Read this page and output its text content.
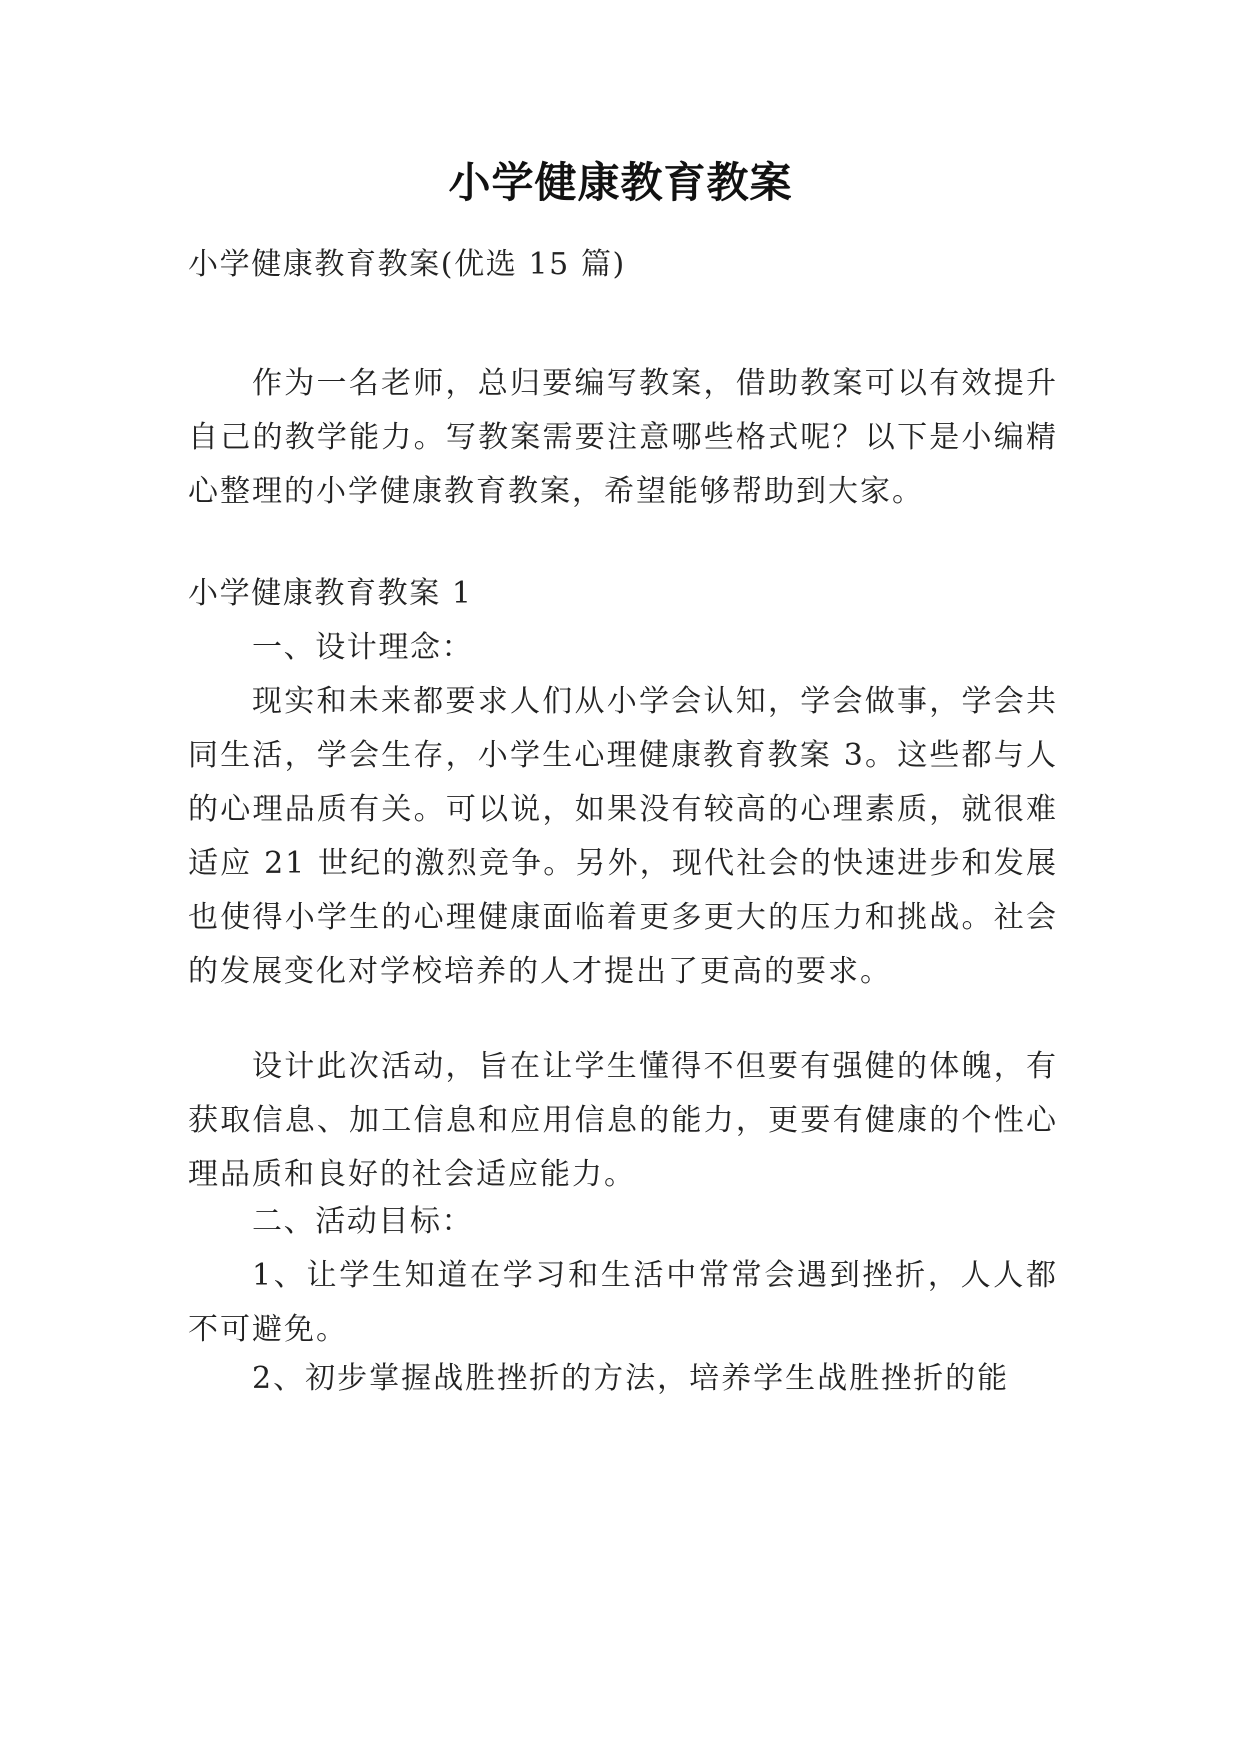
小学健康教育教案
小学健康教育教案(优选 15 篇)
作为一名老师，总归要编写教案，借助教案可以有效提升自己的教学能力。写教案需要注意哪些格式呢？以下是小编精心整理的小学健康教育教案，希望能够帮助到大家。
小学健康教育教案 1
一、设计理念：
现实和未来都要求人们从小学会认知，学会做事，学会共同生活，学会生存，小学生心理健康教育教案 3。这些都与人的心理品质有关。可以说，如果没有较高的心理素质，就很难适应 21 世纪的激烈竞争。另外，现代社会的快速进步和发展也使得小学生的心理健康面临着更多更大的压力和挑战。社会的发展变化对学校培养的人才提出了更高的要求。
设计此次活动，旨在让学生懂得不但要有强健的体魄，有获取信息、加工信息和应用信息的能力，更要有健康的个性心理品质和良好的社会适应能力。
二、活动目标：
1、让学生知道在学习和生活中常常会遇到挫折，人人都不可避免。
2、初步掌握战胜挫折的方法，培养学生战胜挫折的能
